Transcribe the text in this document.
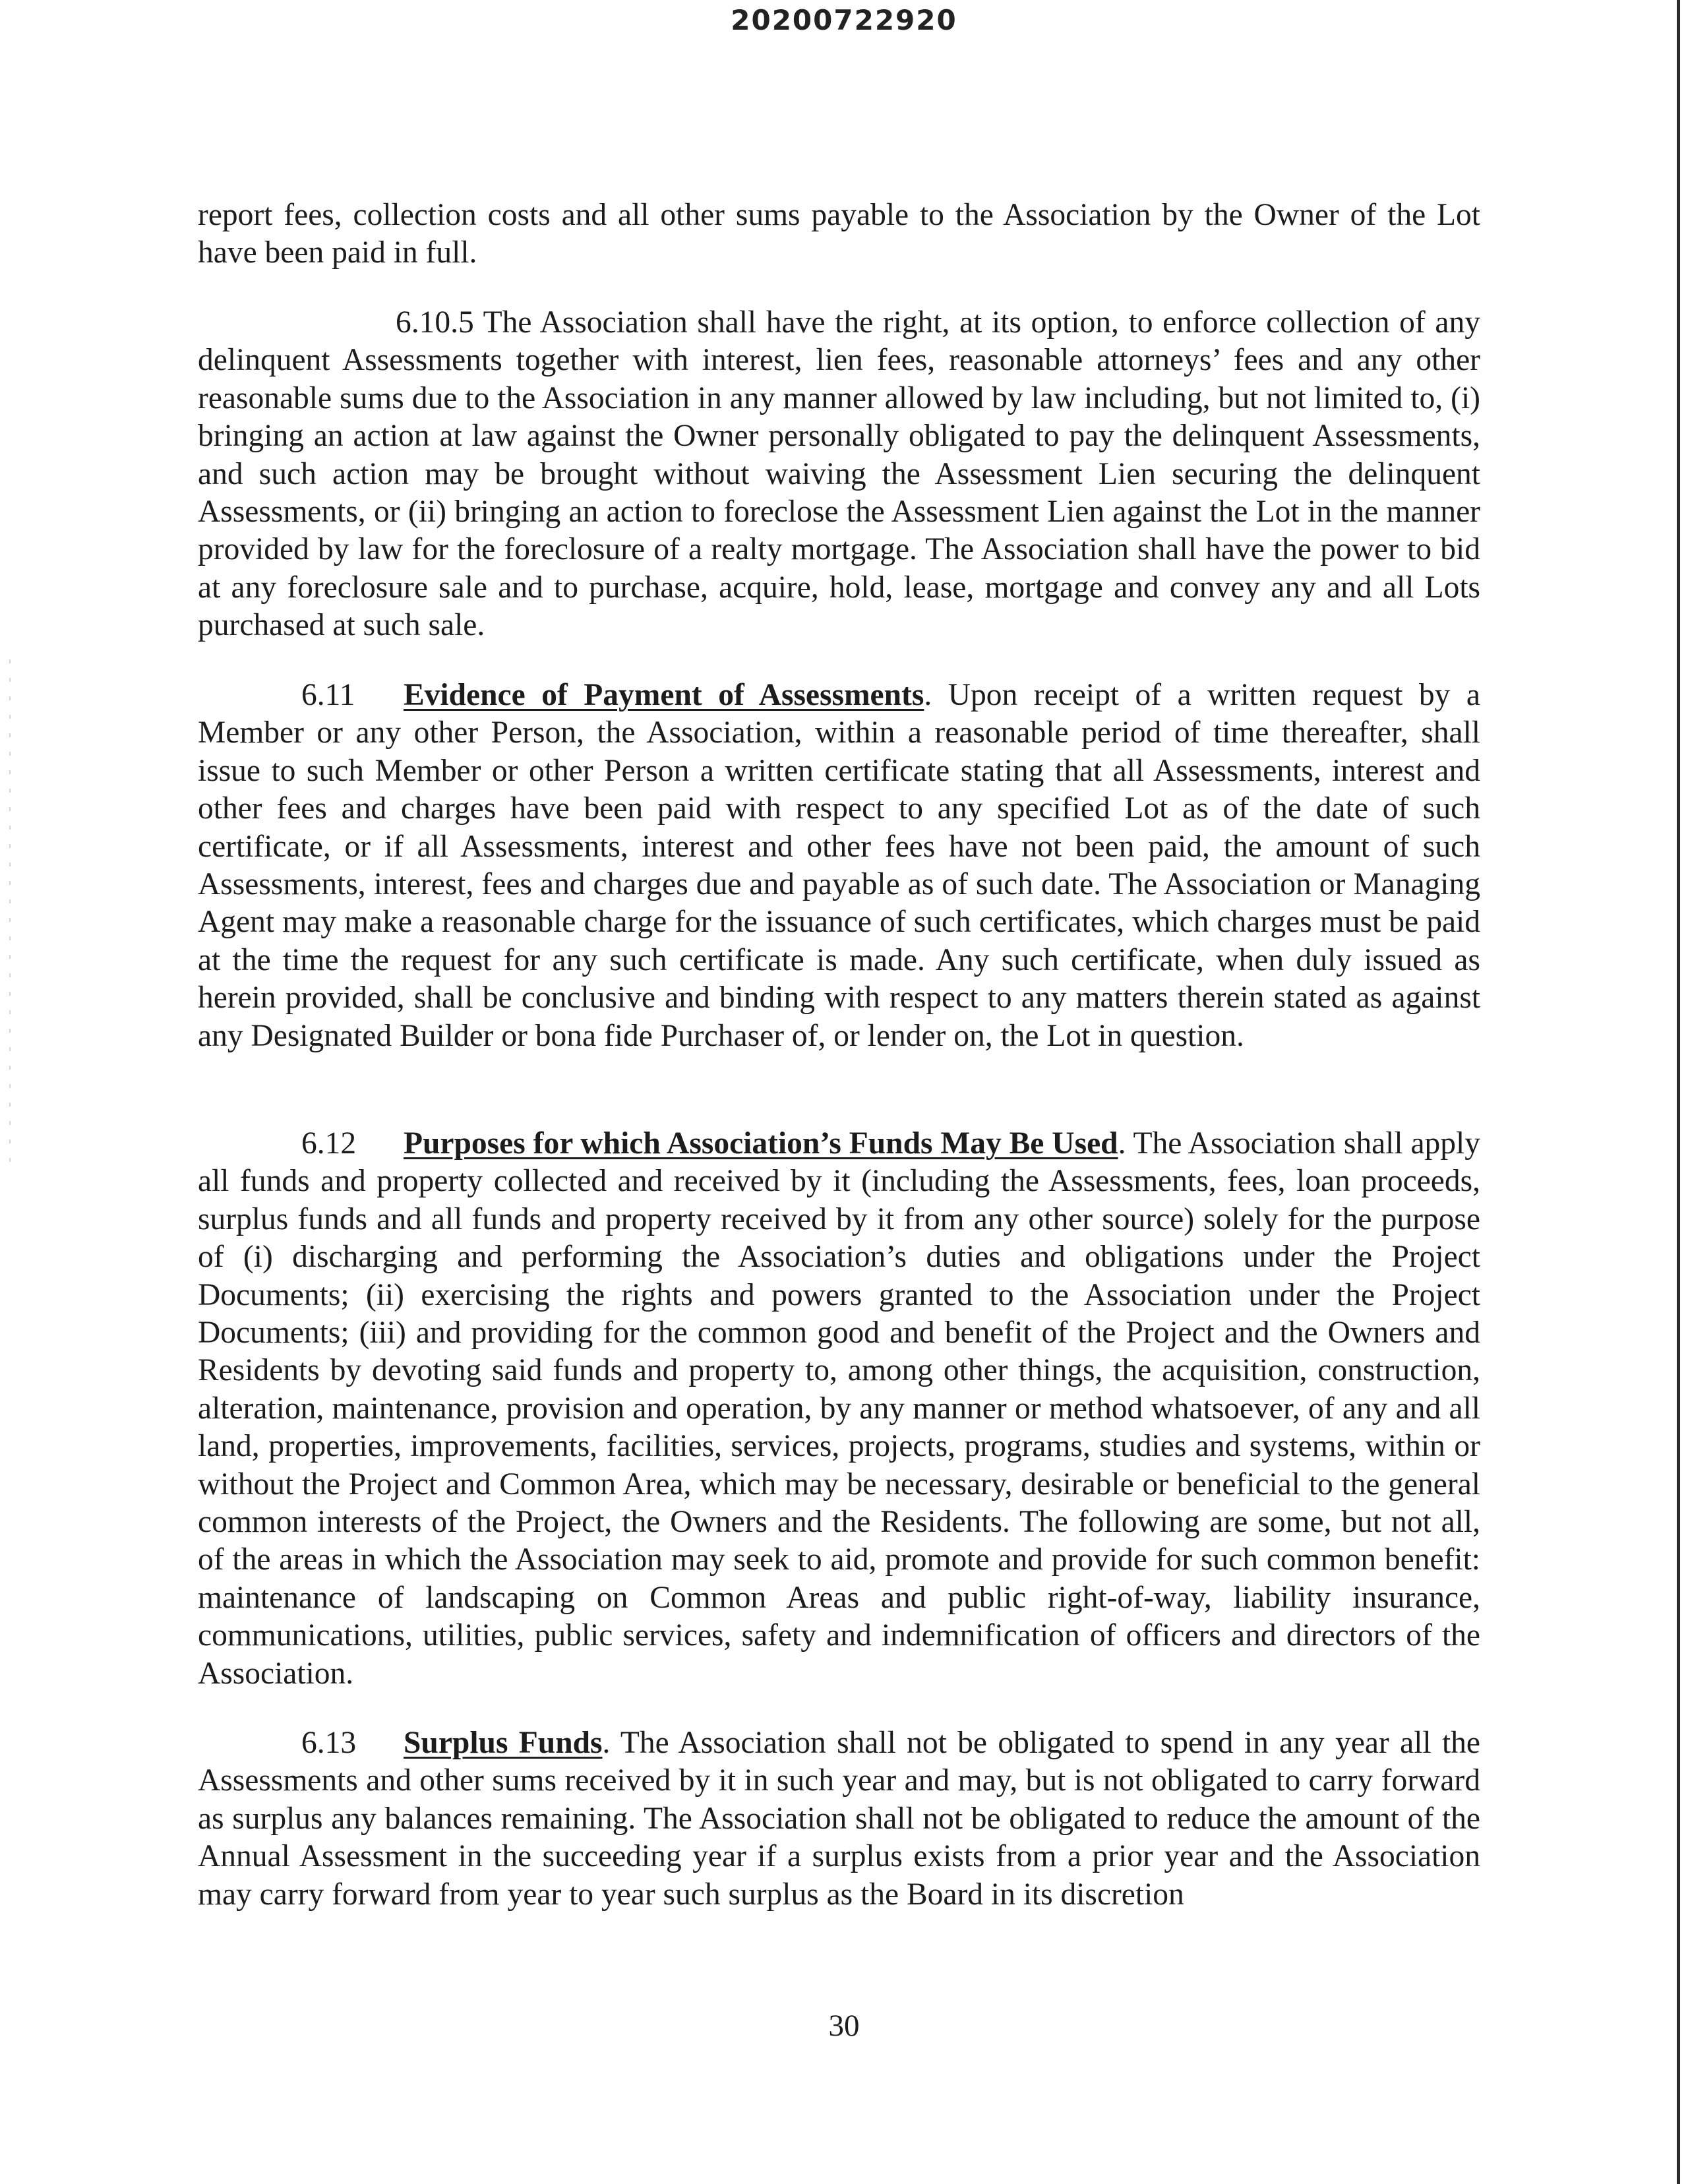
20200722920

report fees, collection costs and all other sums payable to the Association by the Owner of the Lot have been paid in full.

6.10.5 The Association shall have the right, at its option, to enforce collection of any delinquent Assessments together with interest, lien fees, reasonable attorneys’ fees and any other reasonable sums due to the Association in any manner allowed by law including, but not limited to, (i) bringing an action at law against the Owner personally obligated to pay the delinquent Assessments, and such action may be brought without waiving the Assessment Lien securing the delinquent Assessments, or (ii) bringing an action to foreclose the Assessment Lien against the Lot in the manner provided by law for the foreclosure of a realty mortgage. The Association shall have the power to bid at any foreclosure sale and to purchase, acquire, hold, lease, mortgage and convey any and all Lots purchased at such sale.

6.11 Evidence of Payment of Assessments. Upon receipt of a written request by a Member or any other Person, the Association, within a reasonable period of time thereafter, shall issue to such Member or other Person a written certificate stating that all Assessments, interest and other fees and charges have been paid with respect to any specified Lot as of the date of such certificate, or if all Assessments, interest and other fees have not been paid, the amount of such Assessments, interest, fees and charges due and payable as of such date. The Association or Managing Agent may make a reasonable charge for the issuance of such certificates, which charges must be paid at the time the request for any such certificate is made. Any such certificate, when duly issued as herein provided, shall be conclusive and binding with respect to any matters therein stated as against any Designated Builder or bona fide Purchaser of, or lender on, the Lot in question.

6.12 Purposes for which Association’s Funds May Be Used. The Association shall apply all funds and property collected and received by it (including the Assessments, fees, loan proceeds, surplus funds and all funds and property received by it from any other source) solely for the purpose of (i) discharging and performing the Association’s duties and obligations under the Project Documents; (ii) exercising the rights and powers granted to the Association under the Project Documents; (iii) and providing for the common good and benefit of the Project and the Owners and Residents by devoting said funds and property to, among other things, the acquisition, construction, alteration, maintenance, provision and operation, by any manner or method whatsoever, of any and all land, properties, improvements, facilities, services, projects, programs, studies and systems, within or without the Project and Common Area, which may be necessary, desirable or beneficial to the general common interests of the Project, the Owners and the Residents. The following are some, but not all, of the areas in which the Association may seek to aid, promote and provide for such common benefit: maintenance of landscaping on Common Areas and public right-of-way, liability insurance, communications, utilities, public services, safety and indemnification of officers and directors of the Association.

6.13 Surplus Funds. The Association shall not be obligated to spend in any year all the Assessments and other sums received by it in such year and may, but is not obligated to carry forward as surplus any balances remaining. The Association shall not be obligated to reduce the amount of the Annual Assessment in the succeeding year if a surplus exists from a prior year and the Association may carry forward from year to year such surplus as the Board in its discretion

30
